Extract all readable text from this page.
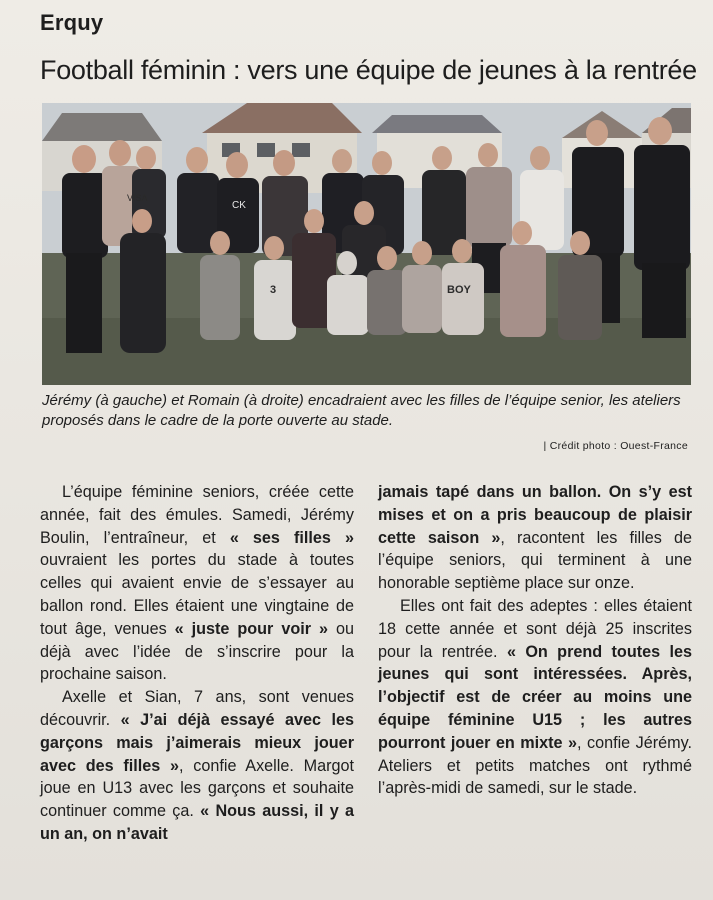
Erquy
Football féminin : vers une équipe de jeunes à la rentrée
VISA
CK
BOY
3
Jérémy (à gauche) et Romain (à droite) encadraient avec les filles de l’équipe senior, les ateliers proposés dans le cadre de la porte ouverte au stade.
| Crédit photo : Ouest-France

L’équipe féminine seniors, créée cette année, fait des émules. Samedi, Jérémy Boulin, l’entraîneur, et « ses filles » ouvraient les portes du stade à toutes celles qui avaient envie de s’essayer au ballon rond. Elles étaient une vingtaine de tout âge, venues « juste pour voir » ou déjà avec l’idée de s’inscrire pour la prochaine saison.

Axelle et Sian, 7 ans, sont venues découvrir. « J’ai déjà essayé avec les garçons mais j’aimerais mieux jouer avec des filles », confie Axelle. Margot joue en U13 avec les garçons et souhaite continuer comme ça. « Nous aussi, il y a un an, on n’avait

jamais tapé dans un ballon. On s’y est mises et on a pris beaucoup de plaisir cette saison », racontent les filles de l’équipe seniors, qui terminent à une honorable septième place sur onze.

Elles ont fait des adeptes : elles étaient 18 cette année et sont déjà 25 inscrites pour la rentrée. « On prend toutes les jeunes qui sont intéressées. Après, l’objectif est de créer au moins une équipe féminine U15 ; les autres pourront jouer en mixte », confie Jérémy. Ateliers et petits matches ont rythmé l’après-midi de samedi, sur le stade.
